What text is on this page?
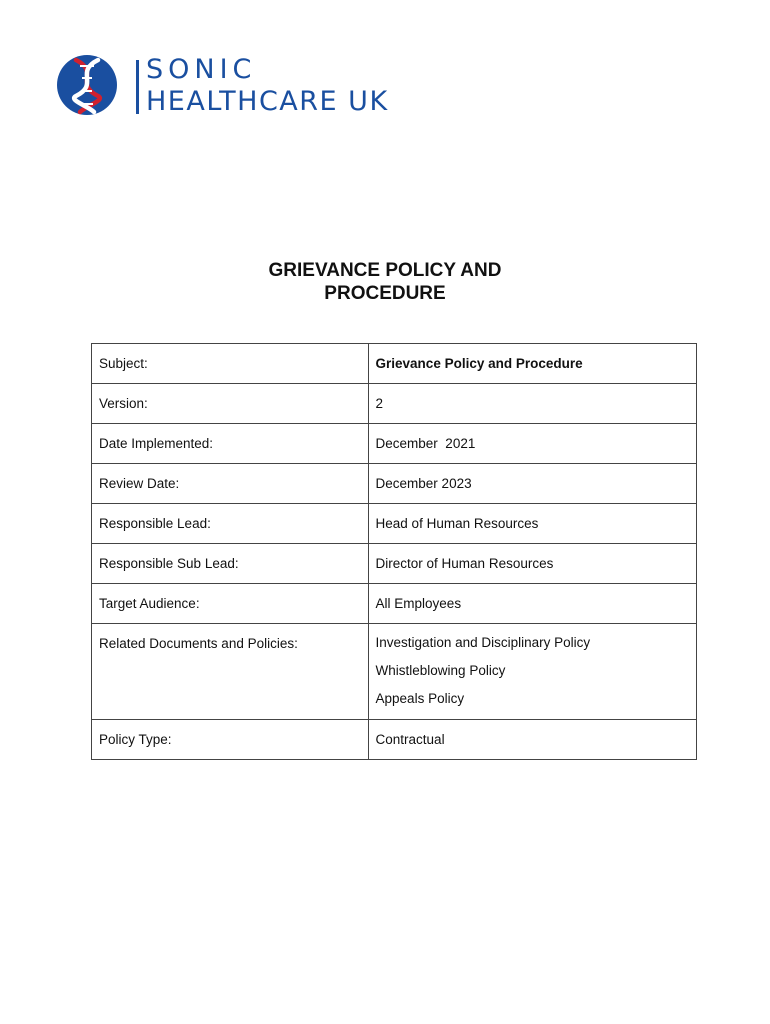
SONIC
HEALTHCARE UK
GRIEVANCE POLICY AND
PROCEDURE
Subject:	Grievance Policy and Procedure
Version:	2
Date Implemented:	December  2021
Review Date:	December 2023
Responsible Lead:	Head of Human Resources
Responsible Sub Lead:	Director of Human Resources
Target Audience:	All Employees
Related Documents and Policies:	Investigation and Disciplinary Policy
Whistleblowing Policy
Appeals Policy

Policy Type:	Contractual
